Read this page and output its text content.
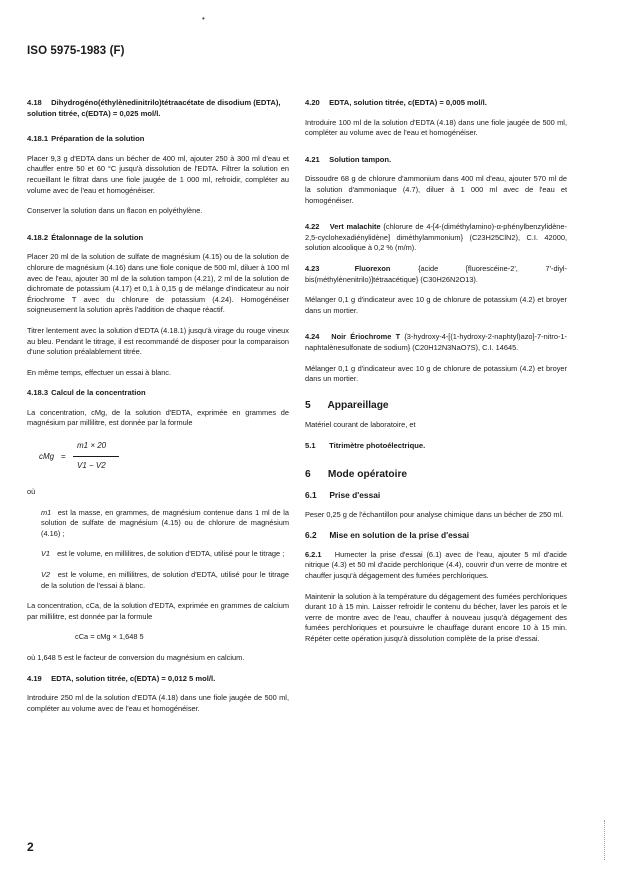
ISO 5975-1983 (F)
•
4.18 Dihydrogéno(éthylènedinitrilo)tétraacétate de disodium (EDTA), solution titrée, c(EDTA) = 0,025 mol/l.
4.18.1 Préparation de la solution

Placer 9,3 g d'EDTA dans un bécher de 400 ml, ajouter 250 à 300 ml d'eau et chauffer entre 50 et 60 °C jusqu'à dissolution de l'EDTA. Filtrer la solution en recueillant le filtrat dans une fiole jaugée de 1 000 ml, refroidir, compléter au volume avec de l'eau et homogénéiser.

Conserver la solution dans un flacon en polyéthylène.

4.18.2 Étalonnage de la solution

Placer 20 ml de la solution de sulfate de magnésium (4.15) ou de la solution de chlorure de magnésium (4.16) dans une fiole conique de 500 ml, diluer à 100 ml avec de l'eau, ajouter 30 ml de la solution tampon (4.21), 2 ml de la solution de dichromate de potassium (4.17) et 0,1 à 0,15 g de mélange d'indicateur au noir Ériochrome T avec du chlorure de potassium (4.24). Homogénéiser soigneusement la solution après l'addition de chaque réactif.

Titrer lentement avec la solution d'EDTA (4.18.1) jusqu'à virage du rouge vineux au bleu. Pendant le titrage, il est recommandé de disposer pour la comparaison d'une solution préalablement titrée.

En même temps, effectuer un essai à blanc.

4.18.3 Calcul de la concentration

La concentration, cMg, de la solution d'EDTA, exprimée en grammes de magnésium par millilitre, est donnée par la formule

cMg =
m1 × 20
V1 − V2

où

m1 est la masse, en grammes, de magnésium contenue dans 1 ml de la solution de sulfate de magnésium (4.15) ou de chlorure de magnésium (4.16) ;

V1 est le volume, en millilitres, de solution d'EDTA, utilisé pour le titrage ;

V2 est le volume, en millilitres, de solution d'EDTA, utilisé pour le titrage de la solution de l'essai à blanc.

La concentration, cCa, de la solution d'EDTA, exprimée en grammes de calcium par millilitre, est donnée par la formule

cCa = cMg × 1,648 5

où 1,648 5 est le facteur de conversion du magnésium en calcium.

4.19 EDTA, solution titrée, c(EDTA) = 0,012 5 mol/l.

Introduire 250 ml de la solution d'EDTA (4.18) dans une fiole jaugée de 500 ml, compléter au volume avec de l'eau et homogénéiser.

4.20 EDTA, solution titrée, c(EDTA) = 0,005 mol/l.

Introduire 100 ml de la solution d'EDTA (4.18) dans une fiole jaugée de 500 ml, compléter au volume avec de l'eau et homogénéiser.

4.21 Solution tampon.

Dissoudre 68 g de chlorure d'ammonium dans 400 ml d'eau, ajouter 570 ml de la solution d'ammoniaque (4.7), diluer à 1 000 ml avec de l'eau et homogénéiser.

4.22 Vert malachite {chlorure de 4-[4-(diméthylamino)-α-phénylbenzylidène-2,5-cyclohexadiénylidène] diméthylammonium} (C23H25ClN2), C.I. 42000, solution alcoolique à 0,2 % (m/m).

4.23	Fluorexon	{acide [fluorescéine-2', 7'-diyl-bis(méthylènenitrilo)]tétraacétique} (C30H26N2O13).

Mélanger 0,1 g d'indicateur avec 10 g de chlorure de potassium (4.2) et broyer dans un mortier.

4.24 Noir Ériochrome T {3-hydroxy-4-[(1-hydroxy-2-naphtyl)azo]-7-nitro-1-naphtalènesulfonate de sodium} (C20H12N3NaO7S), C.I. 14645.

Mélanger 0,1 g d'indicateur avec 10 g de chlorure de potassium (4.2) et broyer dans un mortier.

5 Appareillage

Matériel courant de laboratoire, et

5.1 Titrimètre photoélectrique.
6 Mode opératoire
6.1 Prise d'essai

Peser 0,25 g de l'échantillon pour analyse chimique dans un bécher de 250 ml.

6.2 Mise en solution de la prise d'essai

6.2.1 Humecter la prise d'essai (6.1) avec de l'eau, ajouter 5 ml d'acide nitrique (4.3) et 50 ml d'acide perchlorique (4.4), couvrir d'un verre de montre et chauffer jusqu'à dégagement des fumées perchloriques.

Maintenir la solution à la température du dégagement des fumées perchloriques durant 10 à 15 min. Laisser refroidir le contenu du bécher, laver les parois et le verre de montre avec de l'eau, chauffer à nouveau jusqu'à dégagement des fumées perchloriques et poursuivre le chauffage durant encore 10 à 15 min. Répéter cette opération jusqu'à dissolution complète de la prise d'essai.

2
